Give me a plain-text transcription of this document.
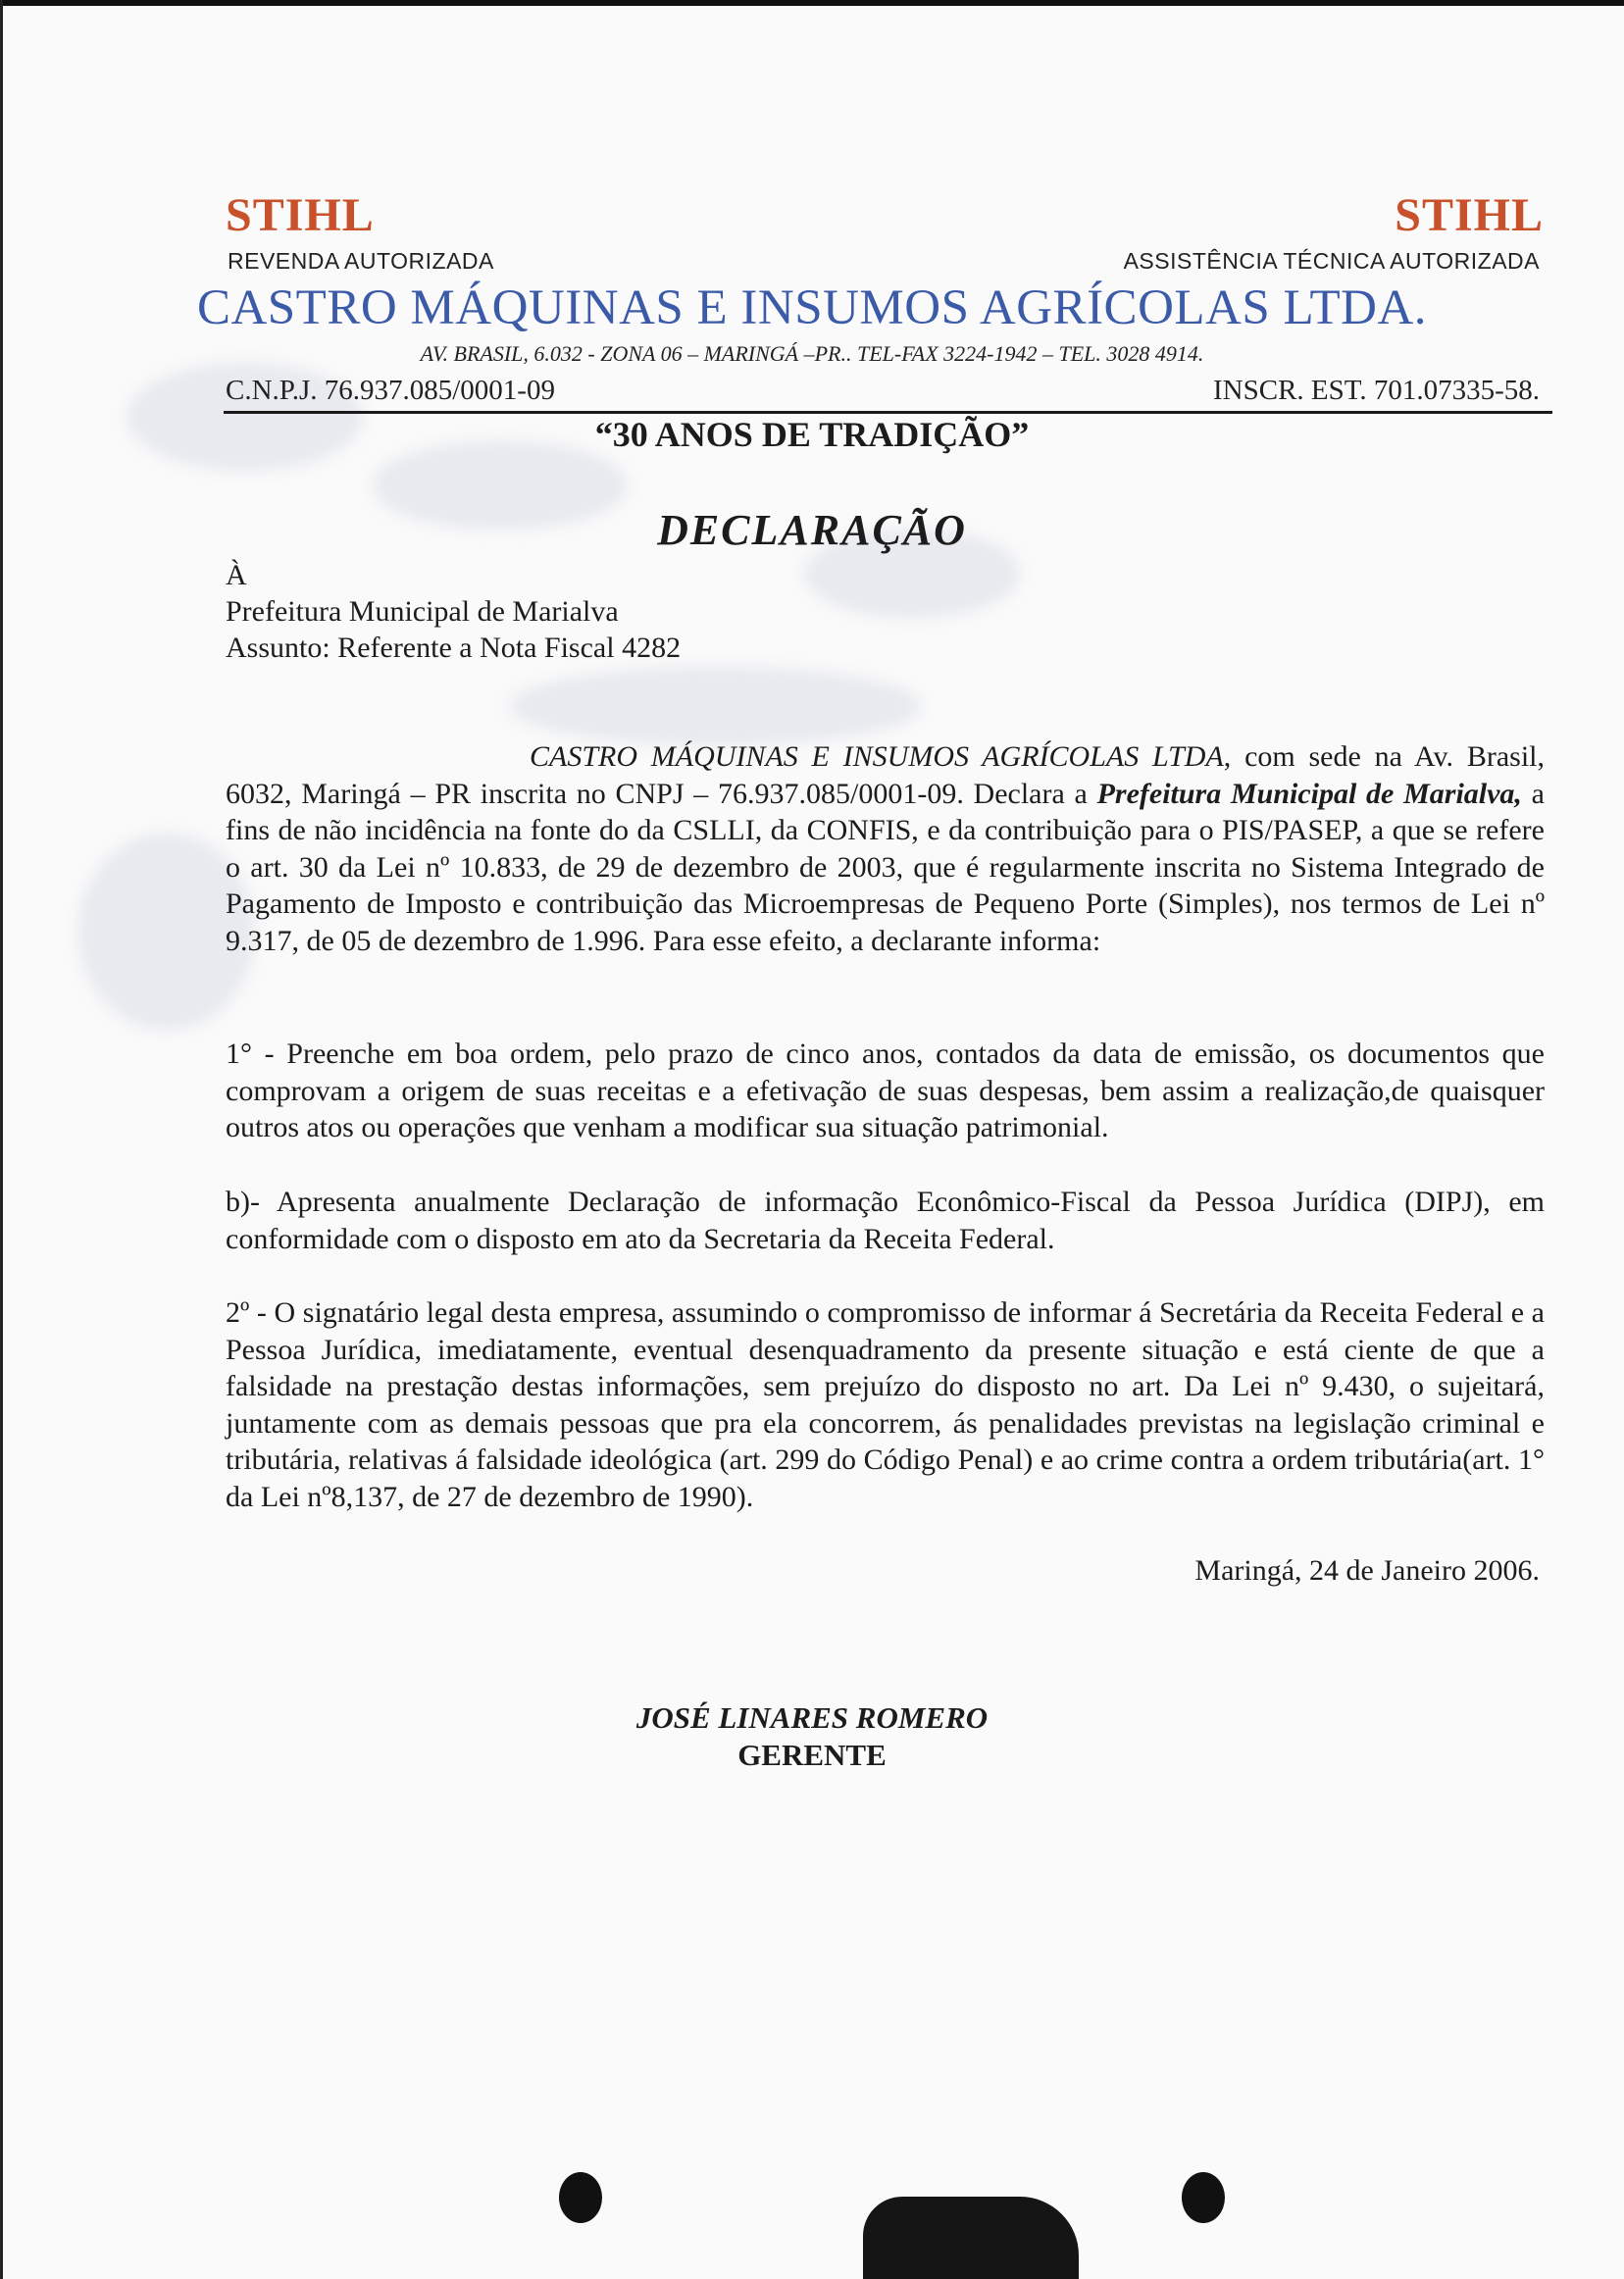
STIHL	STIHL
REVENDA AUTORIZADA	ASSISTÊNCIA TÉCNICA AUTORIZADA
CASTRO MÁQUINAS E INSUMOS AGRÍCOLAS LTDA.
AV. BRASIL, 6.032 - ZONA 06 – MARINGÁ –PR.. TEL-FAX 3224-1942 – TEL. 3028 4914.
C.N.P.J. 76.937.085/0001-09	INSCR. EST. 701.07335-58.
“30 ANOS DE TRADIÇÃO”
DECLARAÇÃO
À
Prefeitura Municipal de Marialva
Assunto: Referente a Nota Fiscal 4282

CASTRO MÁQUINAS E INSUMOS AGRÍCOLAS LTDA, com sede na Av. Brasil, 6032, Maringá – PR inscrita no CNPJ – 76.937.085/0001-09. Declara a Prefeitura Municipal de Marialva, a fins de não incidência na fonte do da CSLLI, da CONFIS, e da contribuição para o PIS/PASEP, a que se refere o art. 30 da Lei nº 10.833, de 29 de dezembro de 2003, que é regularmente inscrita no Sistema Integrado de Pagamento de Imposto e contribuição das Microempresas de Pequeno Porte (Simples), nos termos de Lei nº 9.317, de 05 de dezembro de 1.996. Para esse efeito, a declarante informa:

1° - Preenche em boa ordem, pelo prazo de cinco anos, contados da data de emissão, os documentos que comprovam a origem de suas receitas e a efetivação de suas despesas, bem assim a realização,de quaisquer outros atos ou operações que venham a modificar sua situação patrimonial.

b)- Apresenta anualmente Declaração de informação Econômico-Fiscal da Pessoa Jurídica (DIPJ), em conformidade com o disposto em ato da Secretaria da Receita Federal.

2º - O signatário legal desta empresa, assumindo o compromisso de informar á Secretária da Receita Federal e a Pessoa Jurídica, imediatamente, eventual desenquadramento da presente situação e está ciente de que a falsidade na prestação destas informações, sem prejuízo do disposto no art. Da Lei nº 9.430, o sujeitará, juntamente com as demais pessoas que pra ela concorrem, ás penalidades previstas na legislação criminal e tributária, relativas á falsidade ideológica (art. 299 do Código Penal) e ao crime contra a ordem tributária(art. 1° da Lei nº8,137, de 27 de dezembro de 1990).

Maringá, 24 de Janeiro 2006.
JOSÉ LINARES ROMERO
GERENTE
